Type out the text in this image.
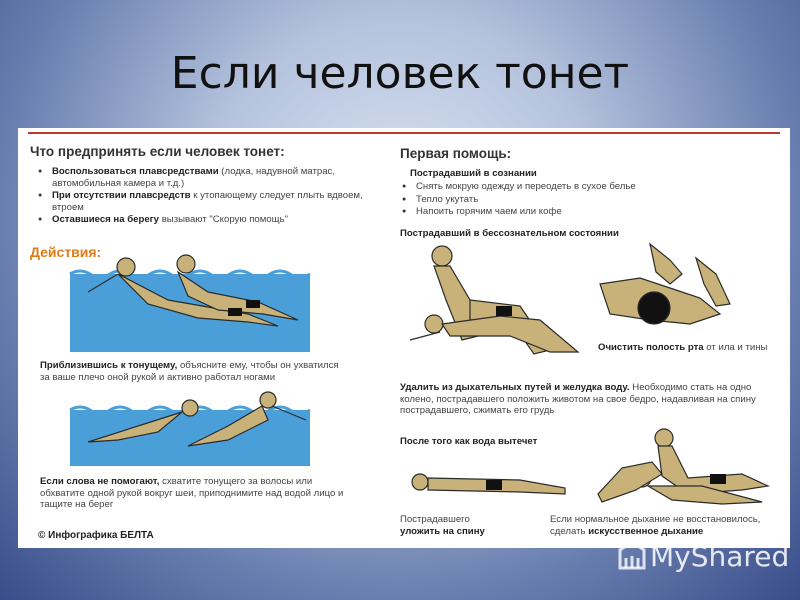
Если человек тонет
Что предпринять если человек тонет:
● Воспользоваться плавсредствами (лодка, надувной матрас, автомобильная камера и т.д.)
● При отсутствии плавсредств к утопающему следует плыть вдвоем, втроем
● Оставшиеся на берегу вызывают "Скорую помощь"
Действия:
Приблизившись к тонущему, объясните ему, чтобы он ухватился за ваше плечо оной рукой и активно работал ногами
Если слова не помогают, схватите тонущего за волосы или обхватите одной рукой вокруг шеи, приподнимите над водой лицо и тащите на берег
© Инфографика БЕЛТА
Первая помощь:
Пострадавший в сознании
● Снять мокрую одежду и переодеть в сухое белье
● Тепло укутать
● Напоить горячим чаем или кофе
Пострадавший в бессознательном состоянии
Очистить полость рта от ила и тины
Удалить из дыхательных путей и желудка воду. Необходимо стать на одно колено, пострадавшего положить животом на свое бедро, надавливая на спину пострадавшего, сжимать его грудь
После того как вода вытечет
Пострадавшего
уложить на спину
Если нормальное дыхание не восстановилось, сделать искусственное дыхание
MyShared
